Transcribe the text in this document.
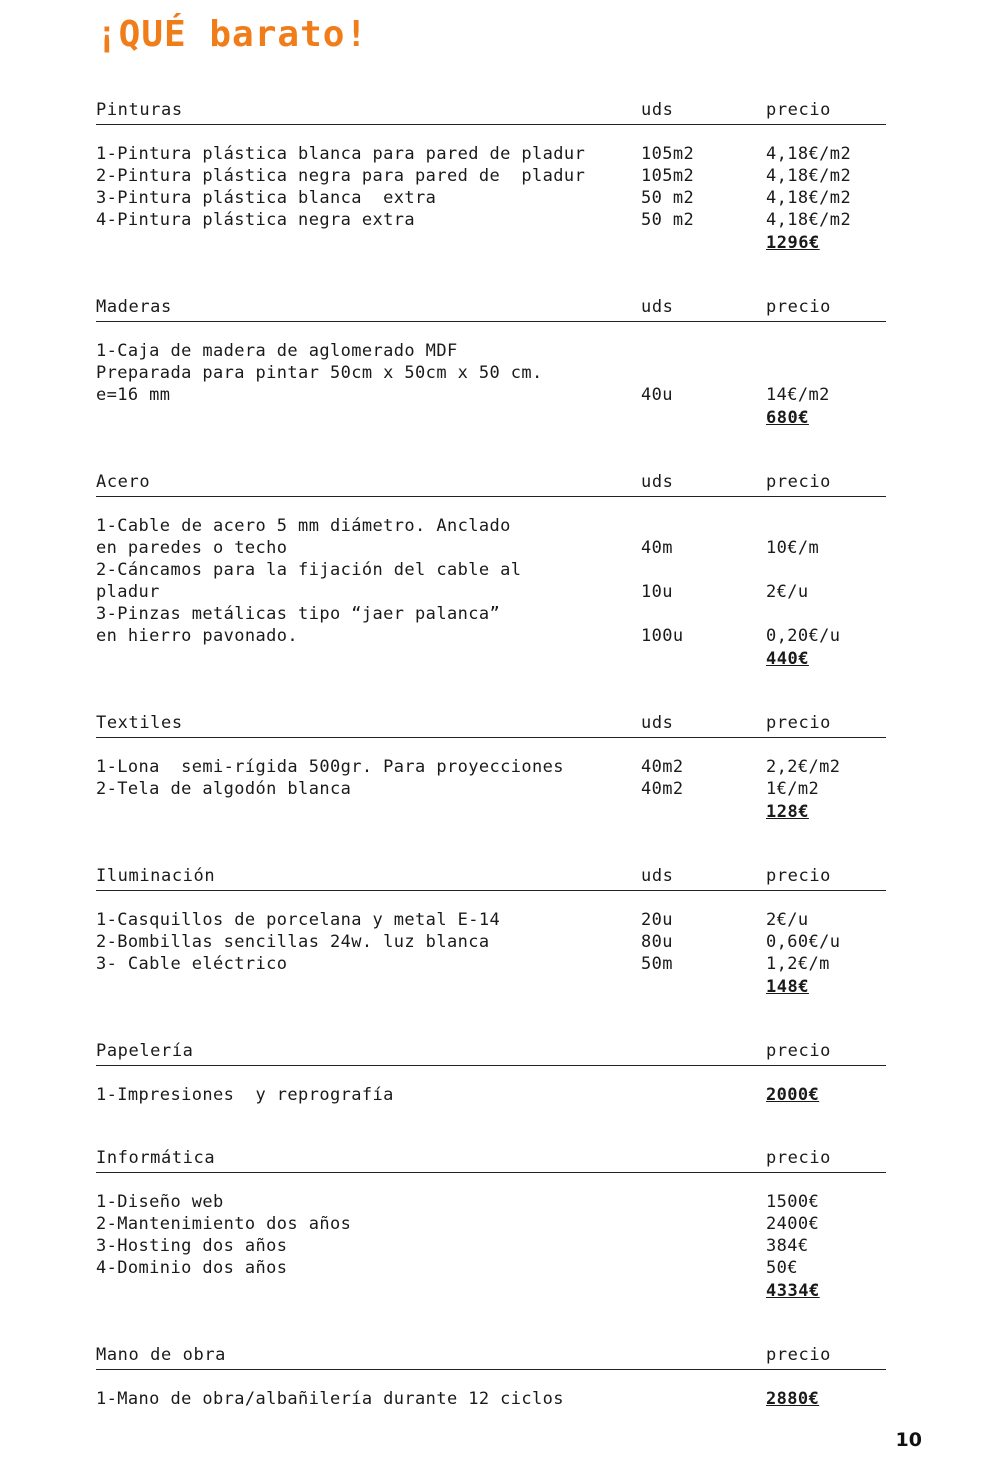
¡QUÉ barato!
Pinturas	uds	precio
1-Pintura plástica blanca para pared de pladur	105m2	4,18€/m2
2-Pintura plástica negra para pared de  pladur	105m2	4,18€/m2
3-Pintura plástica blanca  extra	50 m2	4,18€/m2
4-Pintura plástica negra extra	50 m2	4,18€/m2
1296€
Maderas	uds	precio
1-Caja de madera de aglomerado MDF
Preparada para pintar 50cm x 50cm x 50 cm.
e=16 mm	40u	14€/m2
680€
Acero	uds	precio
1-Cable de acero 5 mm diámetro. Anclado
en paredes o techo	40m	10€/m
2-Cáncamos para la fijación del cable al
pladur	10u	2€/u
3-Pinzas metálicas tipo “jaer palanca”
en hierro pavonado.	100u	0,20€/u
440€
Textiles	uds	precio
1-Lona  semi-rígida 500gr. Para proyecciones	40m2	2,2€/m2
2-Tela de algodón blanca	40m2	1€/m2
128€
Iluminación	uds	precio
1-Casquillos de porcelana y metal E-14	20u	2€/u
2-Bombillas sencillas 24w. luz blanca	80u	0,60€/u
3- Cable eléctrico	50m	1,2€/m
148€
Papelería	precio
1-Impresiones  y reprografía	2000€
Informática	precio
1-Diseño web	1500€
2-Mantenimiento dos años	2400€
3-Hosting dos años	384€
4-Dominio dos años	50€
4334€
Mano de obra	precio
1-Mano de obra/albañilería durante 12 ciclos	2880€
10
